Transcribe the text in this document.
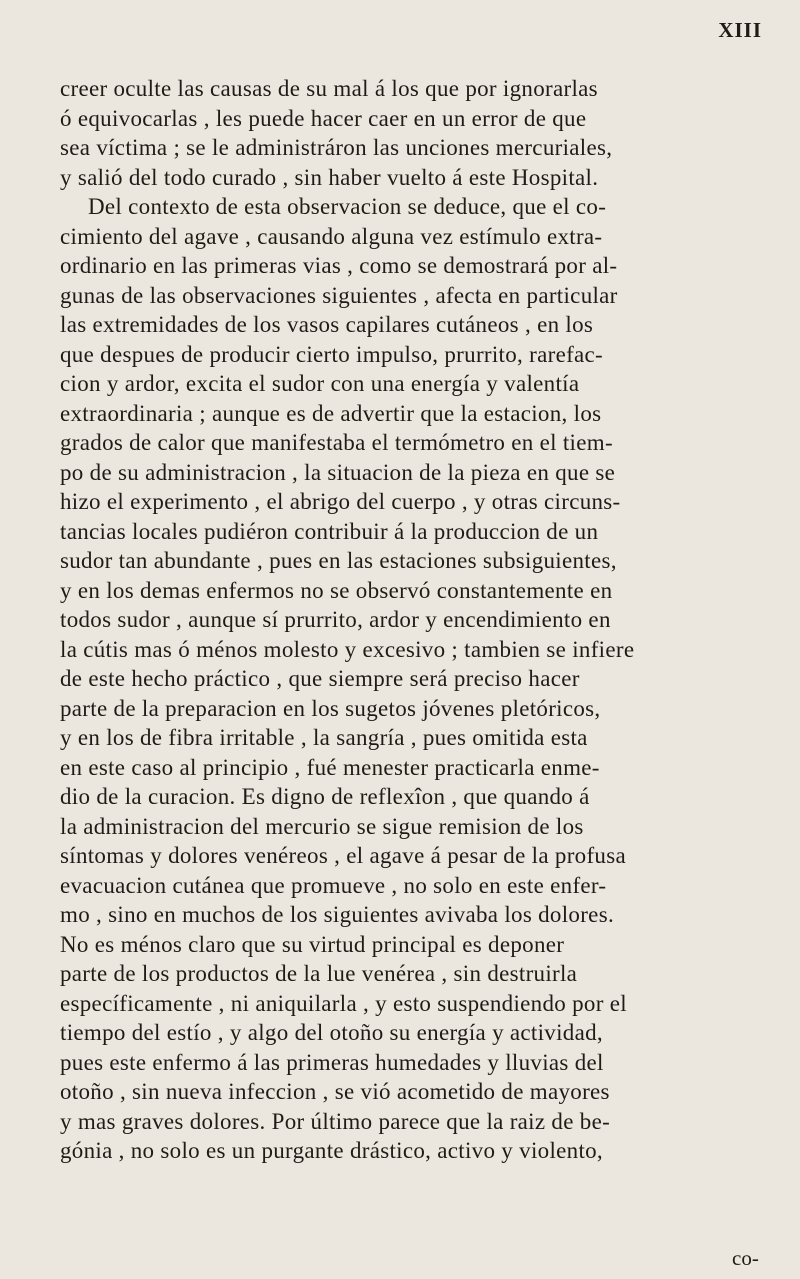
XIII
creer oculte las causas de su mal á los que por ignorarlas
ó equivocarlas , les puede hacer caer en un error de que
sea víctima ; se le administráron las unciones mercuriales,
y salió del todo curado , sin haber vuelto á este Hospital.
Del contexto de esta observacion se deduce, que el co-
cimiento del agave , causando alguna vez estímulo extra-
ordinario en las primeras vias , como se demostrará por al-
gunas de las observaciones siguientes , afecta en particular
las extremidades de los vasos capilares cutáneos , en los
que despues de producir cierto impulso, prurrito, rarefac-
cion y ardor, excita el sudor con una energía y valentía
extraordinaria ; aunque es de advertir que la estacion, los
grados de calor que manifestaba el termómetro en el tiem-
po de su administracion , la situacion de la pieza en que se
hizo el experimento , el abrigo del cuerpo , y otras circuns-
tancias locales pudiéron contribuir á la produccion de un
sudor tan abundante , pues en las estaciones subsiguientes,
y en los demas enfermos no se observó constantemente en
todos sudor , aunque sí prurrito, ardor y encendimiento en
la cútis mas ó ménos molesto y excesivo ; tambien se infiere
de este hecho práctico , que siempre será preciso hacer
parte de la preparacion en los sugetos jóvenes pletóricos,
y en los de fibra irritable , la sangría , pues omitida esta
en este caso al principio , fué menester practicarla enme-
dio de la curacion. Es digno de reflexîon , que quando á
la administracion del mercurio se sigue remision de los
síntomas y dolores venéreos , el agave á pesar de la profusa
evacuacion cutánea que promueve , no solo en este enfer-
mo , sino en muchos de los siguientes avivaba los dolores.
No es ménos claro que su virtud principal es deponer
parte de los productos de la lue venérea , sin destruirla
específicamente , ni aniquilarla , y esto suspendiendo por el
tiempo del estío , y algo del otoño su energía y actividad,
pues este enfermo á las primeras humedades y lluvias del
otoño , sin nueva infeccion , se vió acometido de mayores
y mas graves dolores. Por último parece que la raiz de be-
gónia , no solo es un purgante drástico, activo y violento,
co-
